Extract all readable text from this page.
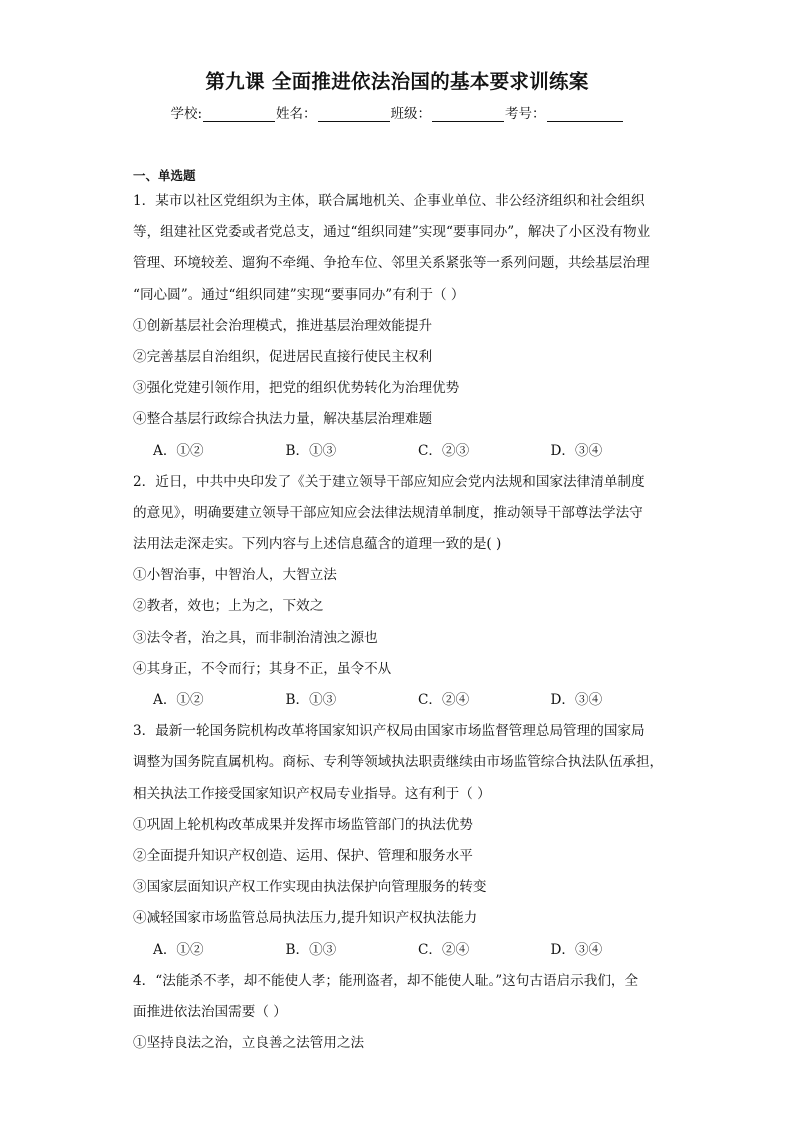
第九课 全面推进依法治国的基本要求训练案
学校:	姓名：	班级：	考号：
一、单选题
1．某市以社区党组织为主体，联合属地机关、企事业单位、非公经济组织和社会组织
等，组建社区党委或者党总支，通过“组织同建”实现“要事同办”，解决了小区没有物业
管理、环境较差、遛狗不牵绳、争抢车位、邻里关系紧张等一系列问题，共绘基层治理
“同心圆”。通过“组织同建”实现“要事同办”有利于（ ）
①创新基层社会治理模式，推进基层治理效能提升
②完善基层自治组织，促进居民直接行使民主权利
③强化党建引领作用，把党的组织优势转化为治理优势
④整合基层行政综合执法力量，解决基层治理难题
A．①②	B．①③	C．②③	D．③④
2．近日，中共中央印发了《关于建立领导干部应知应会党内法规和国家法律清单制度
的意见》，明确要建立领导干部应知应会法律法规清单制度，推动领导干部尊法学法守
法用法走深走实。下列内容与上述信息蕴含的道理一致的是( )
①小智治事，中智治人，大智立法
②教者，效也；上为之，下效之
③法令者，治之具，而非制治清浊之源也
④其身正，不令而行；其身不正，虽令不从
A．①②	B．①③	C．②④	D．③④
3．最新一轮国务院机构改革将国家知识产权局由国家市场监督管理总局管理的国家局
调整为国务院直属机构。商标、专利等领域执法职责继续由市场监管综合执法队伍承担，
相关执法工作接受国家知识产权局专业指导。这有利于（ ）
①巩固上轮机构改革成果并发挥市场监管部门的执法优势
②全面提升知识产权创造、运用、保护、管理和服务水平
③国家层面知识产权工作实现由执法保护向管理服务的转变
④减轻国家市场监管总局执法压力,提升知识产权执法能力
A．①②	B．①③	C．②④	D．③④
4．“法能杀不孝，却不能使人孝；能刑盗者，却不能使人耻。”这句古语启示我们，全
面推进依法治国需要（ ）
①坚持良法之治，立良善之法管用之法
